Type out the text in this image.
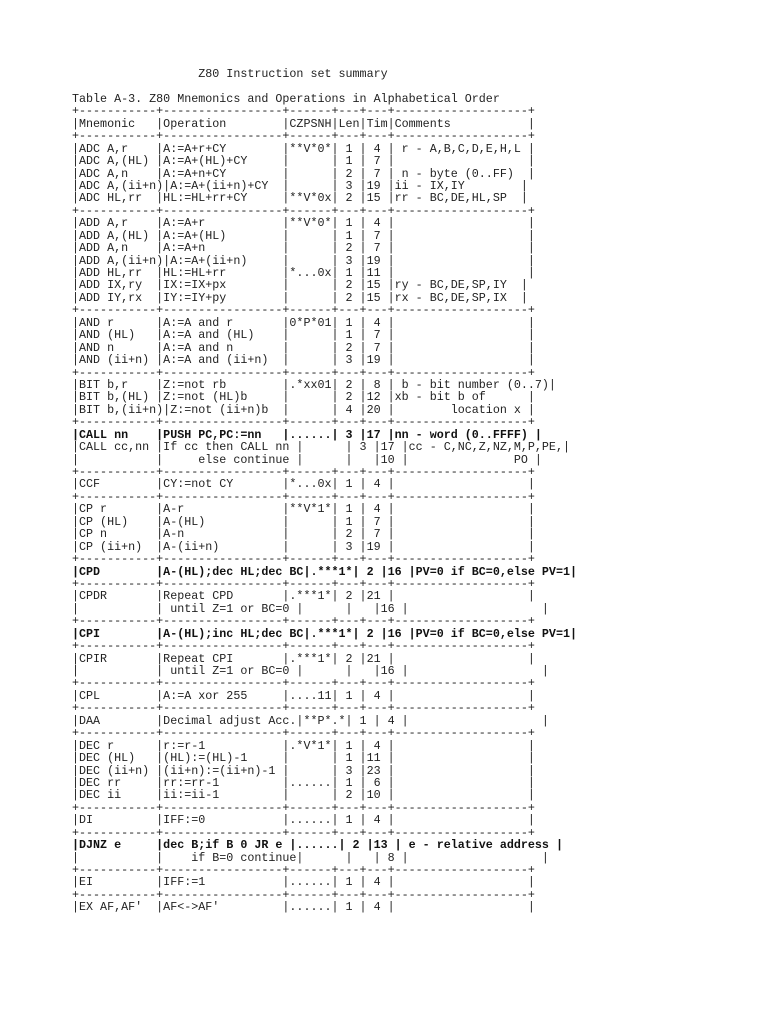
Z80 Instruction set summary
Table A-3. Z80 Mnemonics and Operations in Alphabetical Order
+-----------+-----------------+------+---+---+-------------------+
|Mnemonic   |Operation        |CZPSNH|Len|Tim|Comments           |
+-----------+-----------------+------+---+---+-------------------+
|ADC A,r    |A:=A+r+CY        |**V*0*| 1 | 4 | r - A,B,C,D,E,H,L |
|ADC A,(HL) |A:=A+(HL)+CY     |      | 1 | 7 |                   |
|ADC A,n    |A:=A+n+CY        |      | 2 | 7 | n - byte (0..FF)  |
|ADC A,(ii+n)|A:=A+(ii+n)+CY  |      | 3 |19 |ii - IX,IY        |
|ADC HL,rr  |HL:=HL+rr+CY     |**V*0x| 2 |15 |rr - BC,DE,HL,SP  |
+-----------+-----------------+------+---+---+-------------------+
|ADD A,r    |A:=A+r           |**V*0*| 1 | 4 |                   |
|ADD A,(HL) |A:=A+(HL)        |      | 1 | 7 |                   |
|ADD A,n    |A:=A+n           |      | 2 | 7 |                   |
|ADD A,(ii+n)|A:=A+(ii+n)     |      | 3 |19 |                   |
|ADD HL,rr  |HL:=HL+rr        |*...0x| 1 |11 |                   |
|ADD IX,ry  |IX:=IX+px        |      | 2 |15 |ry - BC,DE,SP,IY  |
|ADD IY,rx  |IY:=IY+py        |      | 2 |15 |rx - BC,DE,SP,IX  |
+-----------+-----------------+------+---+---+-------------------+
|AND r      |A:=A and r       |0*P*01| 1 | 4 |                   |
|AND (HL)   |A:=A and (HL)    |      | 1 | 7 |                   |
|AND n      |A:=A and n       |      | 2 | 7 |                   |
|AND (ii+n) |A:=A and (ii+n)  |      | 3 |19 |                   |
+-----------+-----------------+------+---+---+-------------------+
|BIT b,r    |Z:=not rb        |.*xx01| 2 | 8 | b - bit number (0..7)|
|BIT b,(HL) |Z:=not (HL)b     |      | 2 |12 |xb - bit b of      |
|BIT b,(ii+n)|Z:=not (ii+n)b  |      | 4 |20 |        location x |
+-----------+-----------------+------+---+---+-------------------+
|CALL nn    |PUSH PC,PC:=nn   |......| 3 |17 |nn - word (0..FFFF) |
|CALL cc,nn |If cc then CALL nn |      | 3 |17 |cc - C,NC,Z,NZ,M,P,PE,|
|           |     else continue |      |   |10 |               PO |
+-----------+-----------------+------+---+---+-------------------+
|CCF        |CY:=not CY       |*...0x| 1 | 4 |                   |
+-----------+-----------------+------+---+---+-------------------+
|CP r       |A-r              |**V*1*| 1 | 4 |                   |
|CP (HL)    |A-(HL)           |      | 1 | 7 |                   |
|CP n       |A-n              |      | 2 | 7 |                   |
|CP (ii+n)  |A-(ii+n)         |      | 3 |19 |                   |
+-----------+-----------------+------+---+---+-------------------+
|CPD        |A-(HL);dec HL;dec BC|.***1*| 2 |16 |PV=0 if BC=0,else PV=1|
+-----------+-----------------+------+---+---+-------------------+
|CPDR       |Repeat CPD       |.***1*| 2 |21 |                   |
|           | until Z=1 or BC=0 |      |   |16 |                   |
+-----------+-----------------+------+---+---+-------------------+
|CPI        |A-(HL);inc HL;dec BC|.***1*| 2 |16 |PV=0 if BC=0,else PV=1|
+-----------+-----------------+------+---+---+-------------------+
|CPIR       |Repeat CPI       |.***1*| 2 |21 |                   |
|           | until Z=1 or BC=0 |      |   |16 |                   |
+-----------+-----------------+------+---+---+-------------------+
|CPL        |A:=A xor 255     |....11| 1 | 4 |                   |
+-----------+-----------------+------+---+---+-------------------+
|DAA        |Decimal adjust Acc.|**P*.*| 1 | 4 |                   |
+-----------+-----------------+------+---+---+-------------------+
|DEC r      |r:=r-1           |.*V*1*| 1 | 4 |                   |
|DEC (HL)   |(HL):=(HL)-1     |      | 1 |11 |                   |
|DEC (ii+n) |(ii+n):=(ii+n)-1 |      | 3 |23 |                   |
|DEC rr     |rr:=rr-1         |......| 1 | 6 |                   |
|DEC ii     |ii:=ii-1         |      | 2 |10 |                   |
+-----------+-----------------+------+---+---+-------------------+
|DI         |IFF:=0           |......| 1 | 4 |                   |
+-----------+-----------------+------+---+---+-------------------+
|DJNZ e     |dec B;if B 0 JR e |......| 2 |13 | e - relative address |
|           |    if B=0 continue|      |   | 8 |                   |
+-----------+-----------------+------+---+---+-------------------+
|EI         |IFF:=1           |......| 1 | 4 |                   |
+-----------+-----------------+------+---+---+-------------------+
|EX AF,AF'  |AF<->AF'         |......| 1 | 4 |                   |
